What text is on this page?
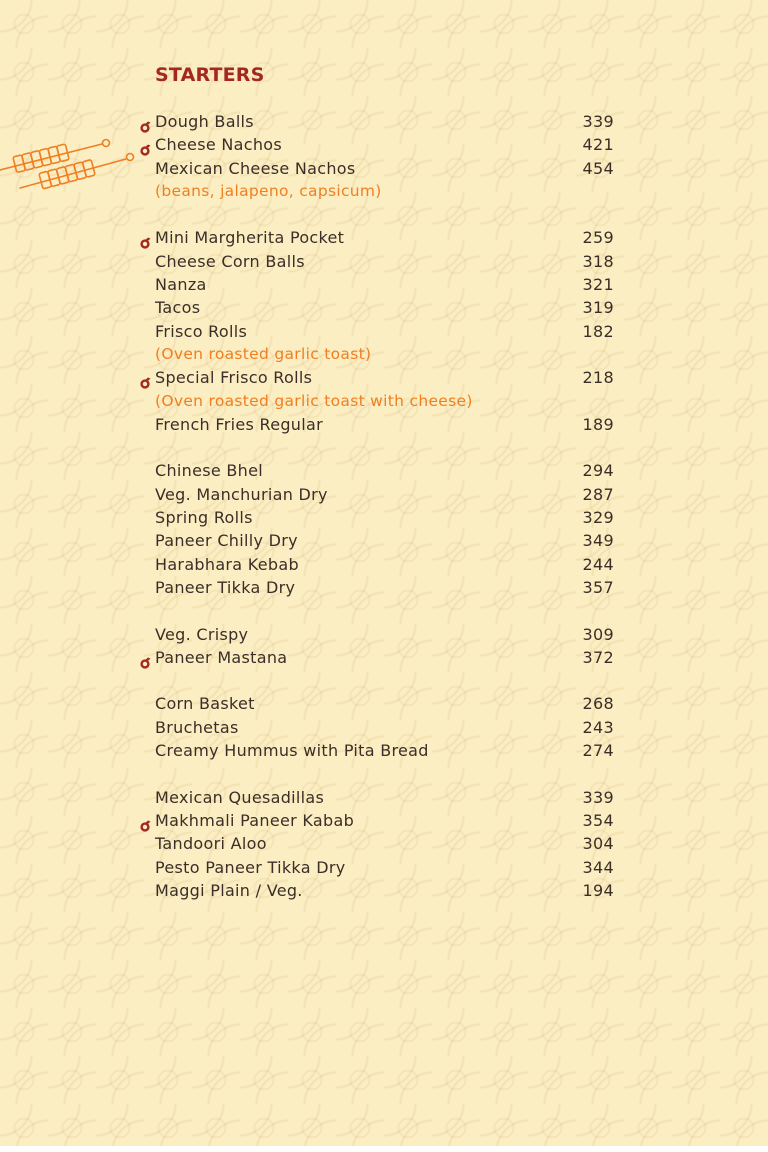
STARTERS
Dough Balls	339
Cheese Nachos	421
Mexican Cheese Nachos	454
(beans, jalapeno, capsicum)
Mini Margherita Pocket	259
Cheese Corn Balls	318
Nanza	321
Tacos	319
Frisco Rolls	182
(Oven roasted garlic toast)
Special Frisco Rolls	218
(Oven roasted garlic toast with cheese)
French Fries Regular	189
Chinese Bhel	294
Veg. Manchurian Dry	287
Spring Rolls	329
Paneer Chilly Dry	349
Harabhara Kebab	244
Paneer Tikka Dry	357
Veg. Crispy	309
Paneer Mastana	372
Corn Basket	268
Bruchetas	243
Creamy Hummus with Pita Bread	274
Mexican Quesadillas	339
Makhmali Paneer Kabab	354
Tandoori Aloo	304
Pesto Paneer Tikka Dry	344
Maggi Plain / Veg.	194
